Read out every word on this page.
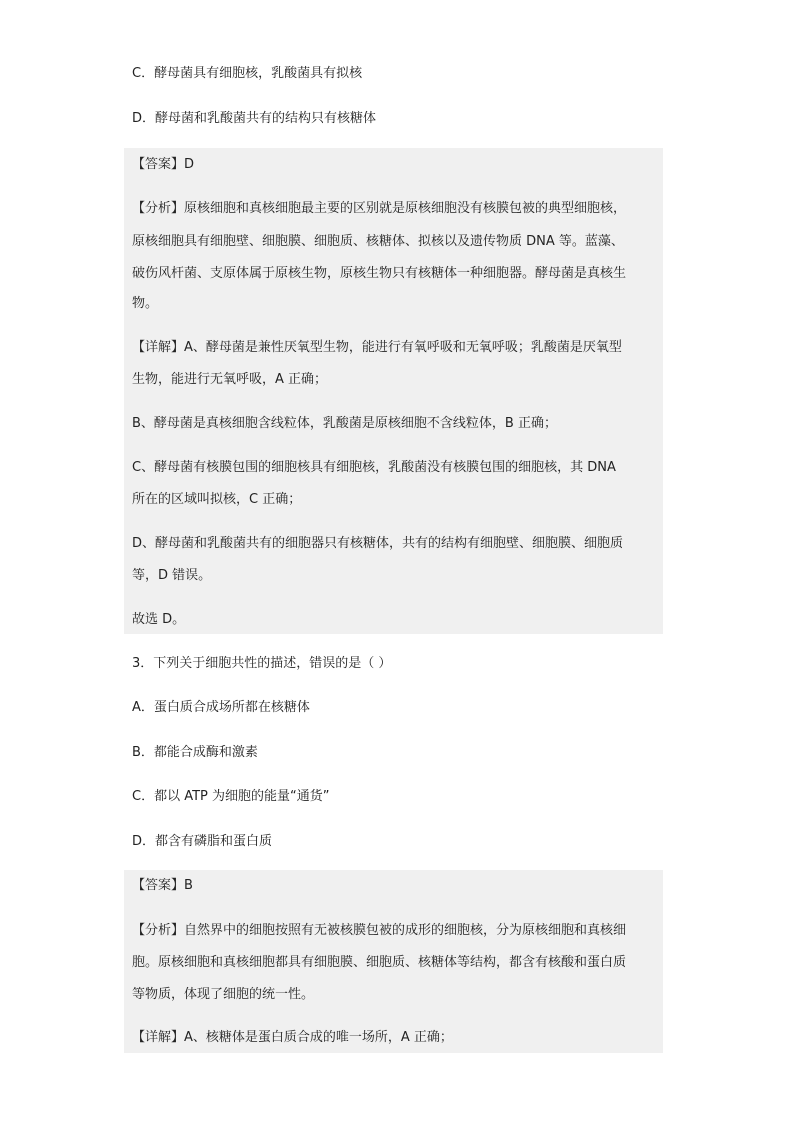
C．酵母菌具有细胞核，乳酸菌具有拟核
D．酵母菌和乳酸菌共有的结构只有核糖体
【答案】D
【分析】原核细胞和真核细胞最主要的区别就是原核细胞没有核膜包被的典型细胞核，
原核细胞具有细胞壁、细胞膜、细胞质、核糖体、拟核以及遗传物质 DNA 等。蓝藻、
破伤风杆菌、支原体属于原核生物，原核生物只有核糖体一种细胞器。酵母菌是真核生
物。
【详解】A、酵母菌是兼性厌氧型生物，能进行有氧呼吸和无氧呼吸；乳酸菌是厌氧型
生物，能进行无氧呼吸，A 正确；
B、酵母菌是真核细胞含线粒体，乳酸菌是原核细胞不含线粒体，B 正确；
C、酵母菌有核膜包围的细胞核具有细胞核，乳酸菌没有核膜包围的细胞核，其 DNA
所在的区域叫拟核，C 正确；
D、酵母菌和乳酸菌共有的细胞器只有核糖体，共有的结构有细胞壁、细胞膜、细胞质
等，D 错误。
故选 D。
3．下列关于细胞共性的描述，错误的是（ ）
A．蛋白质合成场所都在核糖体
B．都能合成酶和激素
C．都以 ATP 为细胞的能量“通货”
D．都含有磷脂和蛋白质
【答案】B
【分析】自然界中的细胞按照有无被核膜包被的成形的细胞核，分为原核细胞和真核细
胞。原核细胞和真核细胞都具有细胞膜、细胞质、核糖体等结构，都含有核酸和蛋白质
等物质，体现了细胞的统一性。
【详解】A、核糖体是蛋白质合成的唯一场所，A 正确；
